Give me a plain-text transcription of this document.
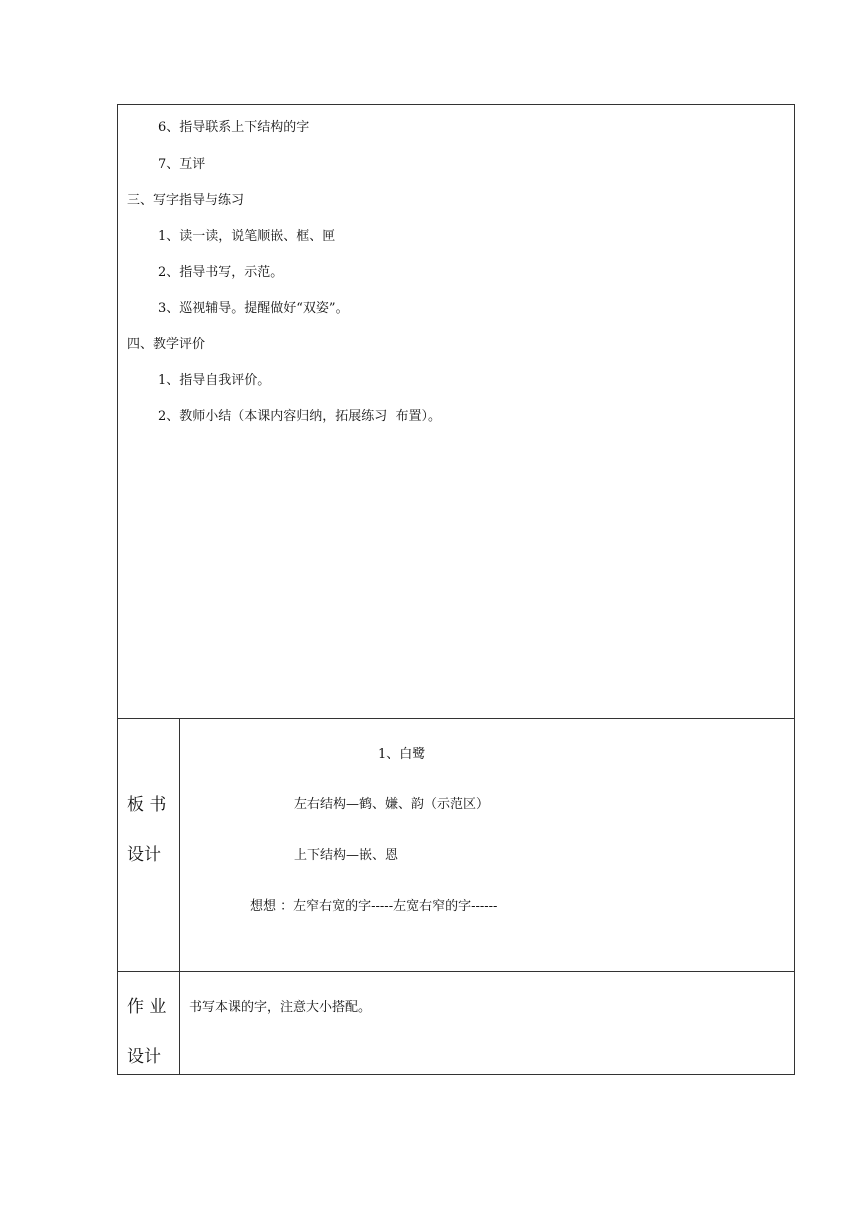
6、指导联系上下结构的字
7、互评
三、写字指导与练习
1、读一读，说笔顺嵌、框、匣
2、指导书写，示范。
3、巡视辅导。提醒做好“双姿”。
四、教学评价
1、指导自我评价。
2、教师小结（本课内容归纳，拓展练习  布置）。
板 书
设计
1、白鹭
左右结构—鹤、嫌、韵（示范区）
上下结构—嵌、恩
想想 ：左窄右宽的字-----左宽右窄的字------
作 业
设计
书写本课的字，注意大小搭配。
